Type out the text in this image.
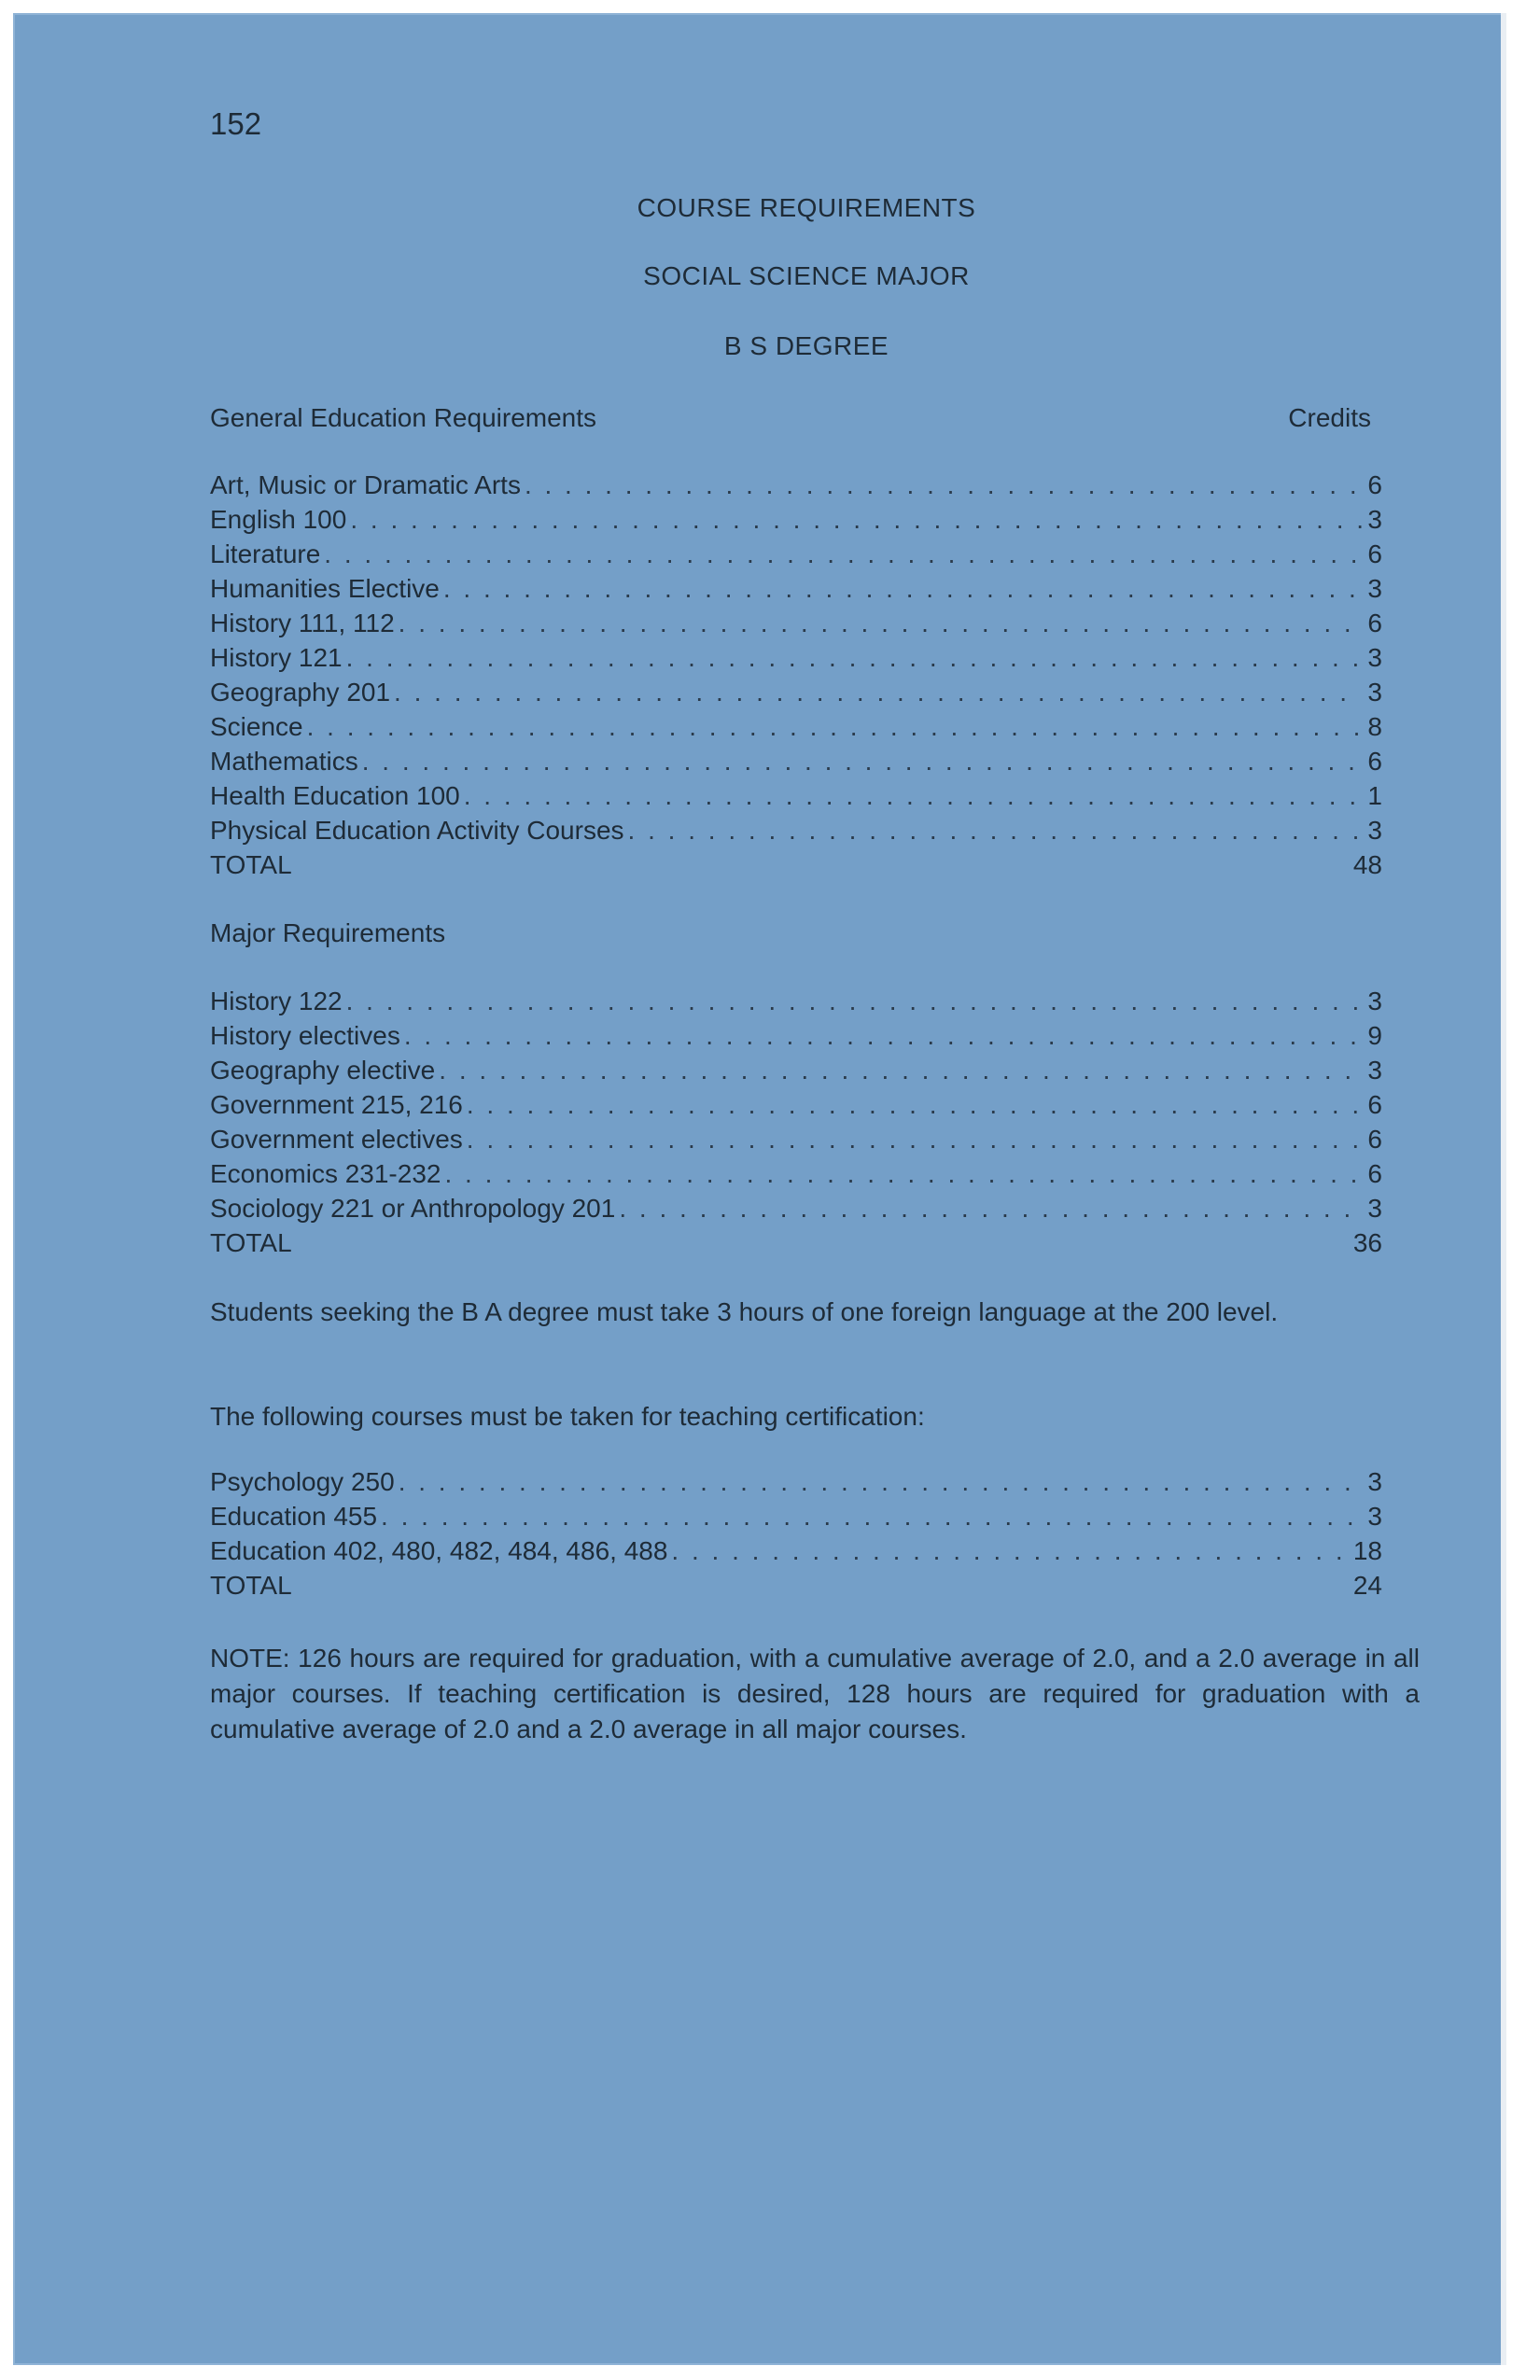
152
COURSE REQUIREMENTS
SOCIAL SCIENCE MAJOR
B S DEGREE
General Education Requirements	Credits
Art, Music or Dramatic Arts . . .	6
English 100 . . .	3
Literature . . .	6
Humanities Elective . . .	3
History 111, 112 . . .	6
History 121 . . .	3
Geography 201 . . .	3
Science . . .	8
Mathematics . . .	6
Health Education 100 . . .	1
Physical Education Activity Courses . . .	3
TOTAL	48
Major Requirements
History 122 . . .	3
History electives . . .	9
Geography elective . . .	3
Government 215, 216 . . .	6
Government electives . . .	6
Economics 231-232 . . .	6
Sociology 221 or Anthropology 201 . . .	3
TOTAL	36
Students seeking the B A degree must take 3 hours of one foreign language at the 200 level.
The following courses must be taken for teaching certification:
Psychology 250 . . .	3
Education 455 . . .	3
Education 402, 480, 482, 484, 486, 488 . . .	18
TOTAL	24
NOTE: 126 hours are required for graduation, with a cumulative average of 2.0, and a 2.0 average in all major courses. If teaching certification is desired, 128 hours are required for graduation with a cumulative average of 2.0 and a 2.0 average in all major courses.
